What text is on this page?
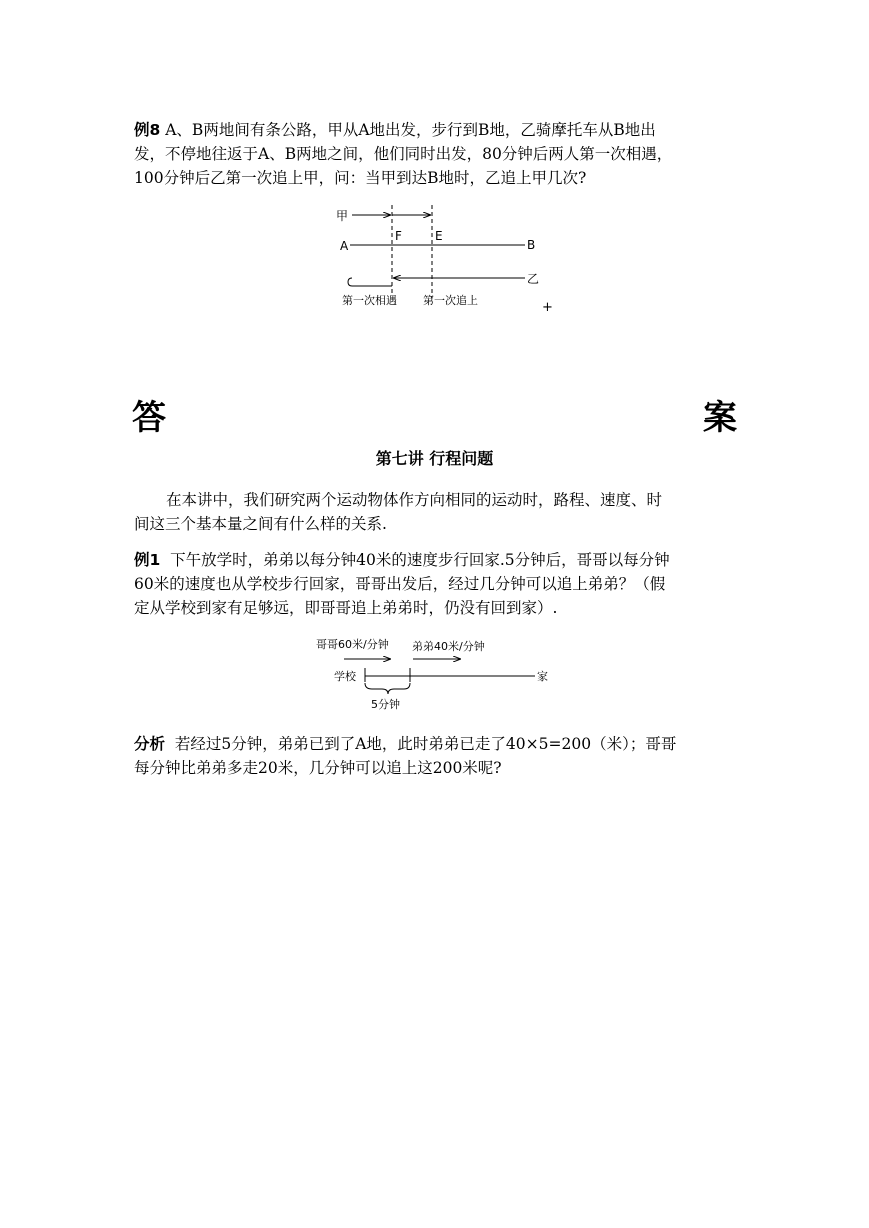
例8 A、B两地间有条公路，甲从A地出发，步行到B地，乙骑摩托车从B地出
发，不停地往返于A、B两地之间，他们同时出发，80分钟后两人第一次相遇，
100分钟后乙第一次追上甲，问：当甲到达B地时，乙追上甲几次?
甲
A
F	E
B
乙
第一次相遇 第一次追上	+
答	案
第七讲 行程问题
在本讲中，我们研究两个运动物体作方向相同的运动时，路程、速度、时
间这三个基本量之间有什么样的关系.
例1 下午放学时，弟弟以每分钟40米的速度步行回家.5分钟后，哥哥以每分钟
60米的速度也从学校步行回家，哥哥出发后，经过几分钟可以追上弟弟？（假
定从学校到家有足够远，即哥哥追上弟弟时，仍没有回到家）.
哥哥60米/分钟 弟弟40米/分钟
学校	家
5分钟
分析 若经过5分钟，弟弟已到了A地，此时弟弟已走了40×5=200（米）；哥哥
每分钟比弟弟多走20米，几分钟可以追上这200米呢?
